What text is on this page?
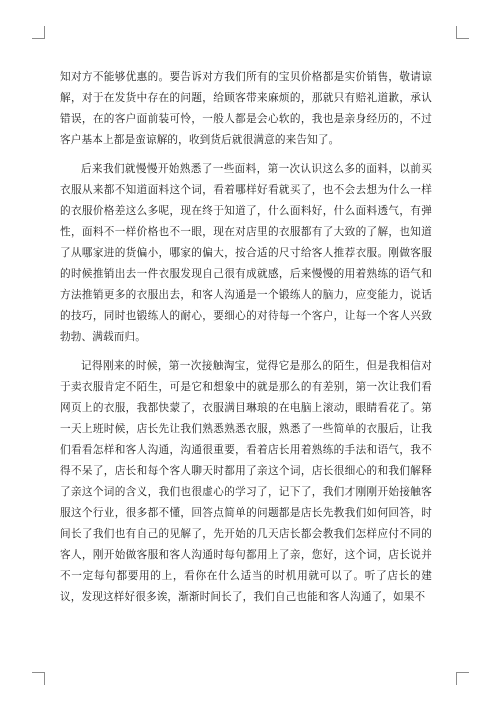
知对方不能够优惠的。要告诉对方我们所有的宝贝价格都是实价销售，敬请谅解，对于在发货中存在的问题，给顾客带来麻烦的，那就只有赔礼道歉，承认错误，在的客户面前装可怜，一般人都是会心软的，我也是亲身经历的，不过客户基本上都是蛮谅解的，收到货后就很满意的来告知了。

后来我们就慢慢开始熟悉了一些面料，第一次认识这么多的面料，以前买衣服从来都不知道面料这个词，看着哪样好看就买了，也不会去想为什么一样的衣服价格差这么多呢，现在终于知道了，什么面料好，什么面料透气，有弹性，面料不一样价格也不一眼，现在对店里的衣服都有了大致的了解，也知道了从哪家进的货偏小，哪家的偏大，按合适的尺寸给客人推荐衣服。刚做客服的时候推销出去一件衣服发现自己很有成就感，后来慢慢的用着熟练的语气和方法推销更多的衣服出去，和客人沟通是一个锻练人的脑力，应变能力，说话的技巧，同时也锻练人的耐心，要细心的对待每一个客户，让每一个客人兴致勃勃、满载而归。

记得刚来的时候，第一次接触淘宝，觉得它是那么的陌生，但是我相信对于卖衣服肯定不陌生，可是它和想象中的就是那么的有差别，第一次让我们看网页上的衣服，我都快蒙了，衣服满目琳琅的在电脑上滚动，眼睛看花了。第一天上班时候，店长先让我们熟悉熟悉衣服，熟悉了一些简单的衣服后，让我们看看怎样和客人沟通，沟通很重要，看着店长用着熟练的手法和语气，我不得不呆了，店长和每个客人聊天时都用了亲这个词，店长很细心的和我们解释了亲这个词的含义，我们也很虚心的学习了，记下了，我们才刚刚开始接触客服这个行业，很多都不懂，回答点简单的问题都是店长先教我们如何回答，时间长了我们也有自己的见解了，先开始的几天店长都会教我们怎样应付不同的客人，刚开始做客服和客人沟通时每句都用上了亲，您好，这个词，店长说并不一定每句都要用的上，看你在什么适当的时机用就可以了。听了店长的建议，发现这样好很多诶，渐渐时间长了，我们自己也能和客人沟通了，如果不
